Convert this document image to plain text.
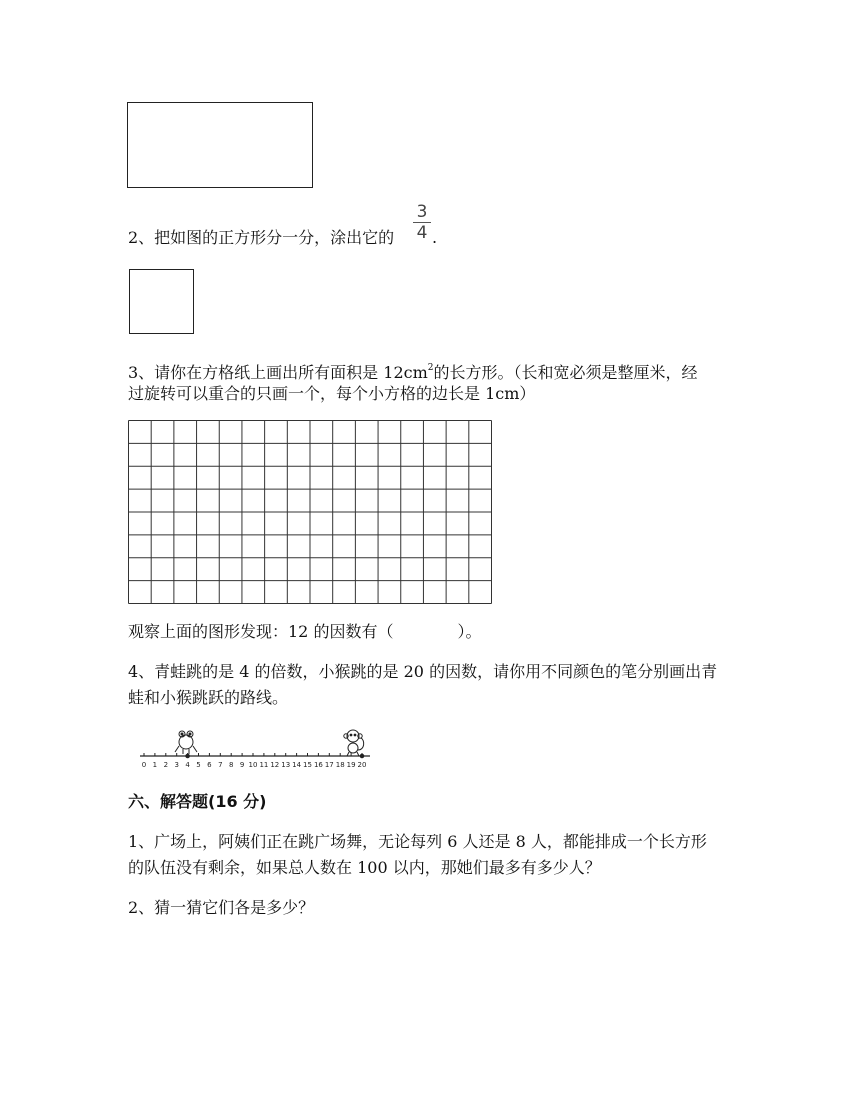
2、把如图的正方形分一分，涂出它的
3
4 .
3、请你在方格纸上画出所有面积是 $12cm^2$的长方形。（长和宽必须是整厘米，经
过旋转可以重合的只画一个，每个小方格的边长是 1cm）
观察上面的图形发现：12 的因数有（　　　　）。
4、青蛙跳的是 4 的倍数，小猴跳的是 20 的因数，请你用不同颜色的笔分别画出青
蛙和小猴跳跃的路线。
0 1 2 3 4 5 6 7 8 9 10 11 12 13 14 15 16 17 18 19 20
六、解答题(16 分)
1、广场上，阿姨们正在跳广场舞，无论每列 6 人还是 8 人，都能排成一个长方形
的队伍没有剩余，如果总人数在 100 以内，那她们最多有多少人？
2、猜一猜它们各是多少？
